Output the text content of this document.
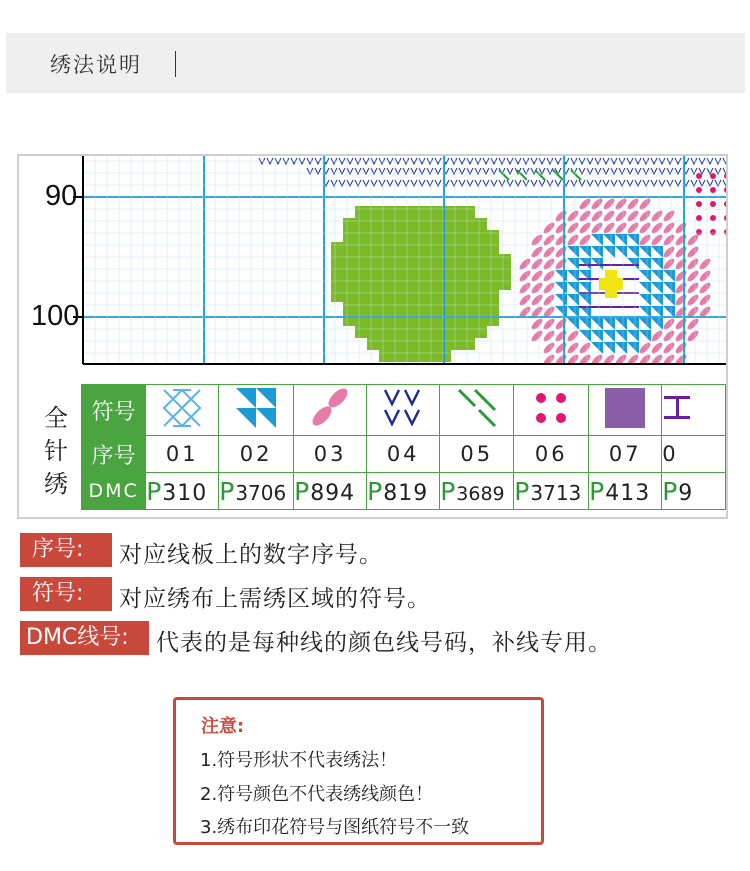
绣法说明
90
100
全
针
绣
符号								
序号	01	02	03	04	05	06	07	0
DMC	P310	P3706	P894	P819	P3689	P3713	P413	P9
序号:	对应线板上的数字序号。
符号:	对应绣布上需绣区域的符号。
DMC线号:	代表的是每种线的颜色线号码，补线专用。
注意:
1.符号形状不代表绣法！
2.符号颜色不代表绣线颜色！
3.绣布印花符号与图纸符号不一致
